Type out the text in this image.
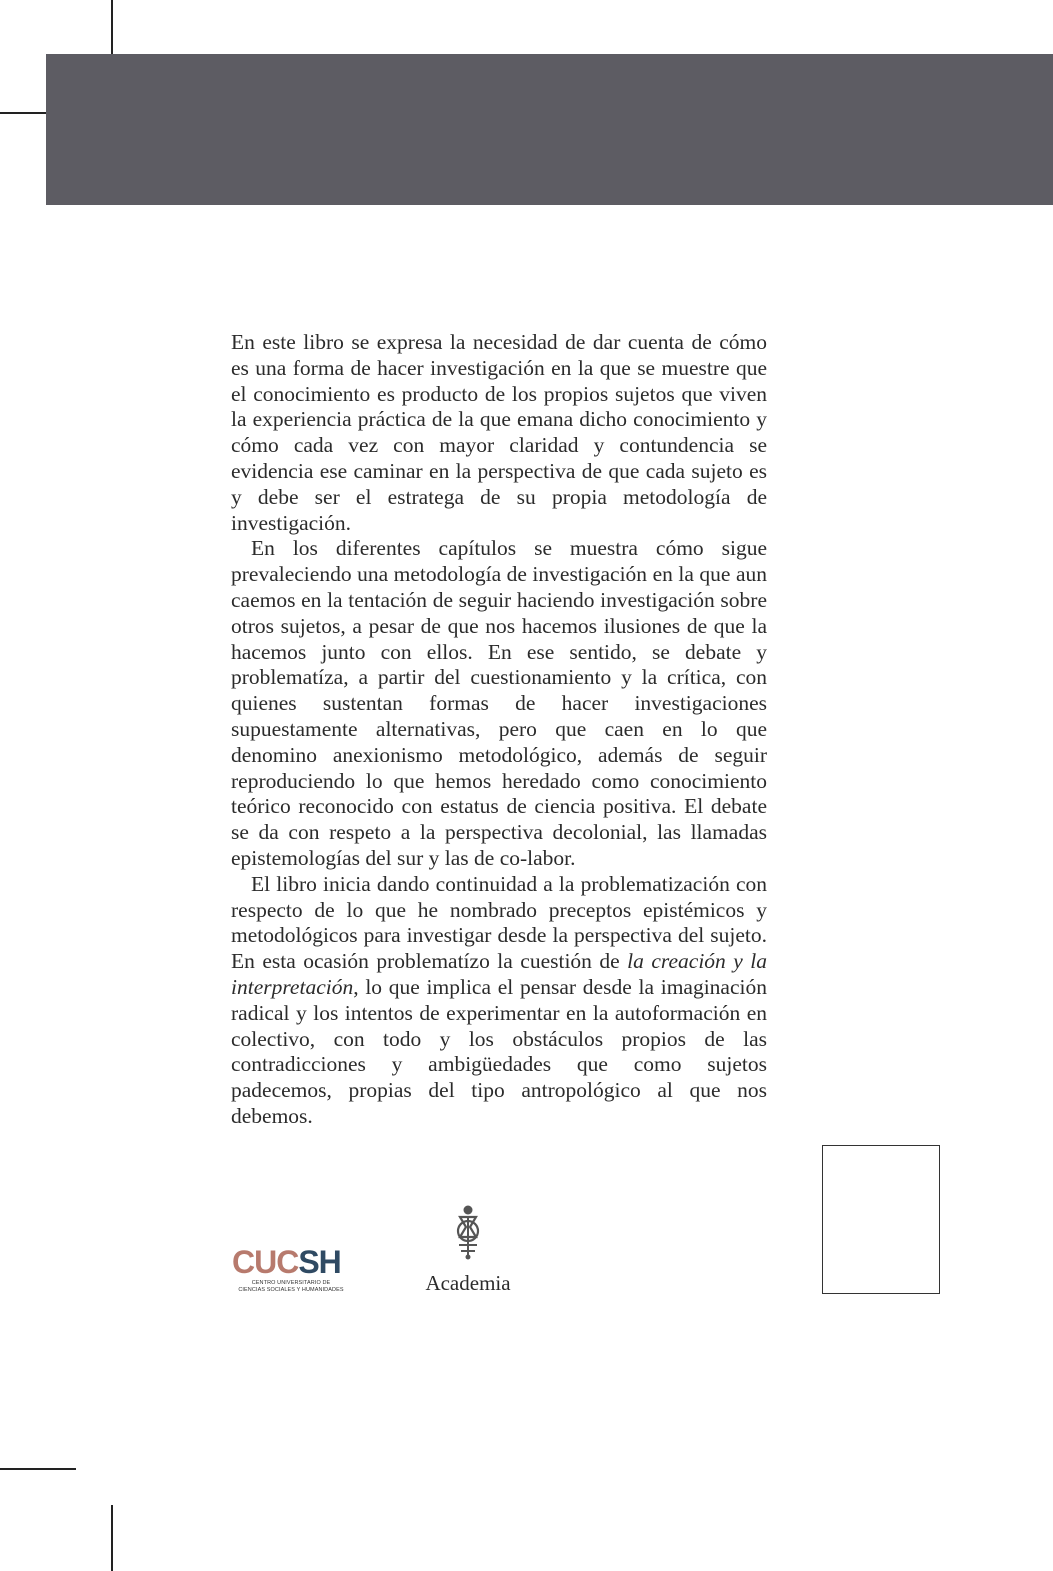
En este libro se expresa la necesidad de dar cuenta de cómo es una forma de hacer investigación en la que se muestre que el conocimiento es producto de los propios sujetos que viven la experiencia práctica de la que emana dicho conocimiento y cómo cada vez con mayor claridad y contundencia se evidencia ese caminar en la perspectiva de que cada sujeto es y debe ser el estratega de su propia metodología de investigación.

En los diferentes capítulos se muestra cómo sigue prevaleciendo una metodología de investigación en la que aun caemos en la tentación de seguir haciendo investigación sobre otros sujetos, a pesar de que nos hacemos ilusiones de que la hacemos junto con ellos. En ese sentido, se debate y problematíza, a partir del cuestionamiento y la crítica, con quienes sustentan formas de hacer investigaciones supuestamente alternativas, pero que caen en lo que denomino anexionismo metodológico, además de seguir reproduciendo lo que hemos heredado como conocimiento teórico reconocido con estatus de ciencia positiva. El debate se da con respeto a la perspectiva decolonial, las llamadas epistemologías del sur y las de co-labor.

El libro inicia dando continuidad a la problematización con respecto de lo que he nombrado preceptos epistémicos y metodológicos para investigar desde la perspectiva del sujeto. En esta ocasión problematízo la cuestión de la creación y la interpretación, lo que implica el pensar desde la imaginación radical y los intentos de experimentar en la autoformación en colectivo, con todo y los obstáculos propios de las contradicciones y ambigüedades que como sujetos padecemos, propias del tipo antropológico al que nos debemos.

CUCSH
CENTRO UNIVERSITARIO DE
CIENCIAS SOCIALES Y HUMANIDADES	Academia
